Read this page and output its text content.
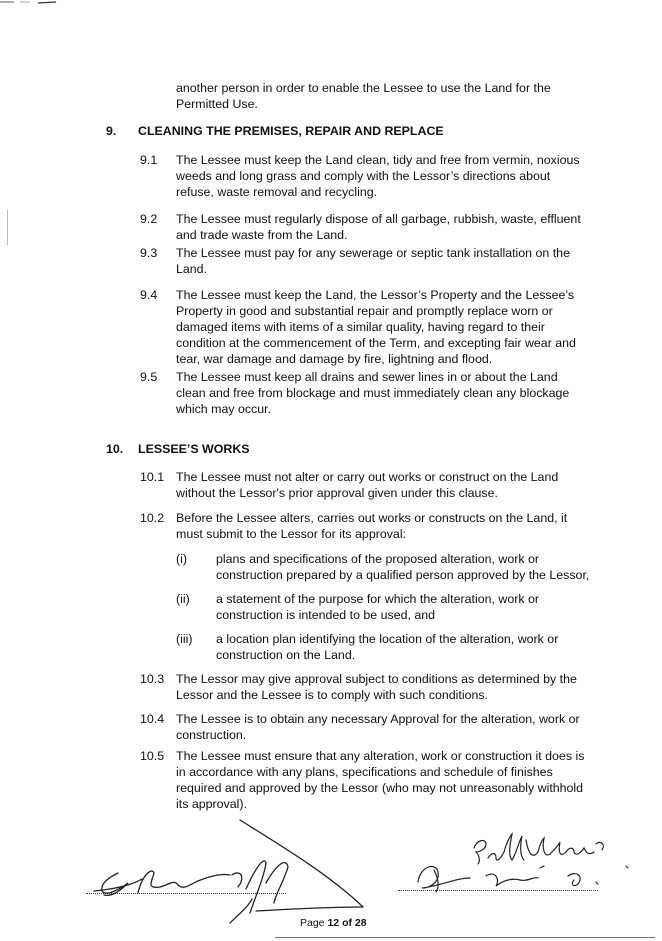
another person in order to enable the Lessee to use the Land for the Permitted Use.
9. CLEANING THE PREMISES, REPAIR AND REPLACE
9.1 The Lessee must keep the Land clean, tidy and free from vermin, noxious weeds and long grass and comply with the Lessor’s directions about refuse, waste removal and recycling.
9.2 The Lessee must regularly dispose of all garbage, rubbish, waste, effluent and trade waste from the Land.
9.3 The Lessee must pay for any sewerage or septic tank installation on the Land.
9.4 The Lessee must keep the Land, the Lessor’s Property and the Lessee’s Property in good and substantial repair and promptly replace worn or damaged items with items of a similar quality, having regard to their condition at the commencement of the Term, and excepting fair wear and tear, war damage and damage by fire, lightning and flood.
9.5 The Lessee must keep all drains and sewer lines in or about the Land clean and free from blockage and must immediately clean any blockage which may occur.
10. LESSEE’S WORKS
10.1 The Lessee must not alter or carry out works or construct on the Land without the Lessor's prior approval given under this clause.
10.2 Before the Lessee alters, carries out works or constructs on the Land, it must submit to the Lessor for its approval:
(i) plans and specifications of the proposed alteration, work or construction prepared by a qualified person approved by the Lessor,
(ii) a statement of the purpose for which the alteration, work or construction is intended to be used, and
(iii) a location plan identifying the location of the alteration, work or construction on the Land.
10.3 The Lessor may give approval subject to conditions as determined by the Lessor and the Lessee is to comply with such conditions.
10.4 The Lessee is to obtain any necessary Approval for the alteration, work or construction.
10.5 The Lessee must ensure that any alteration, work or construction it does is in accordance with any plans, specifications and schedule of finishes required and approved by the Lessor (who may not unreasonably withhold its approval).
Page 12 of 28
